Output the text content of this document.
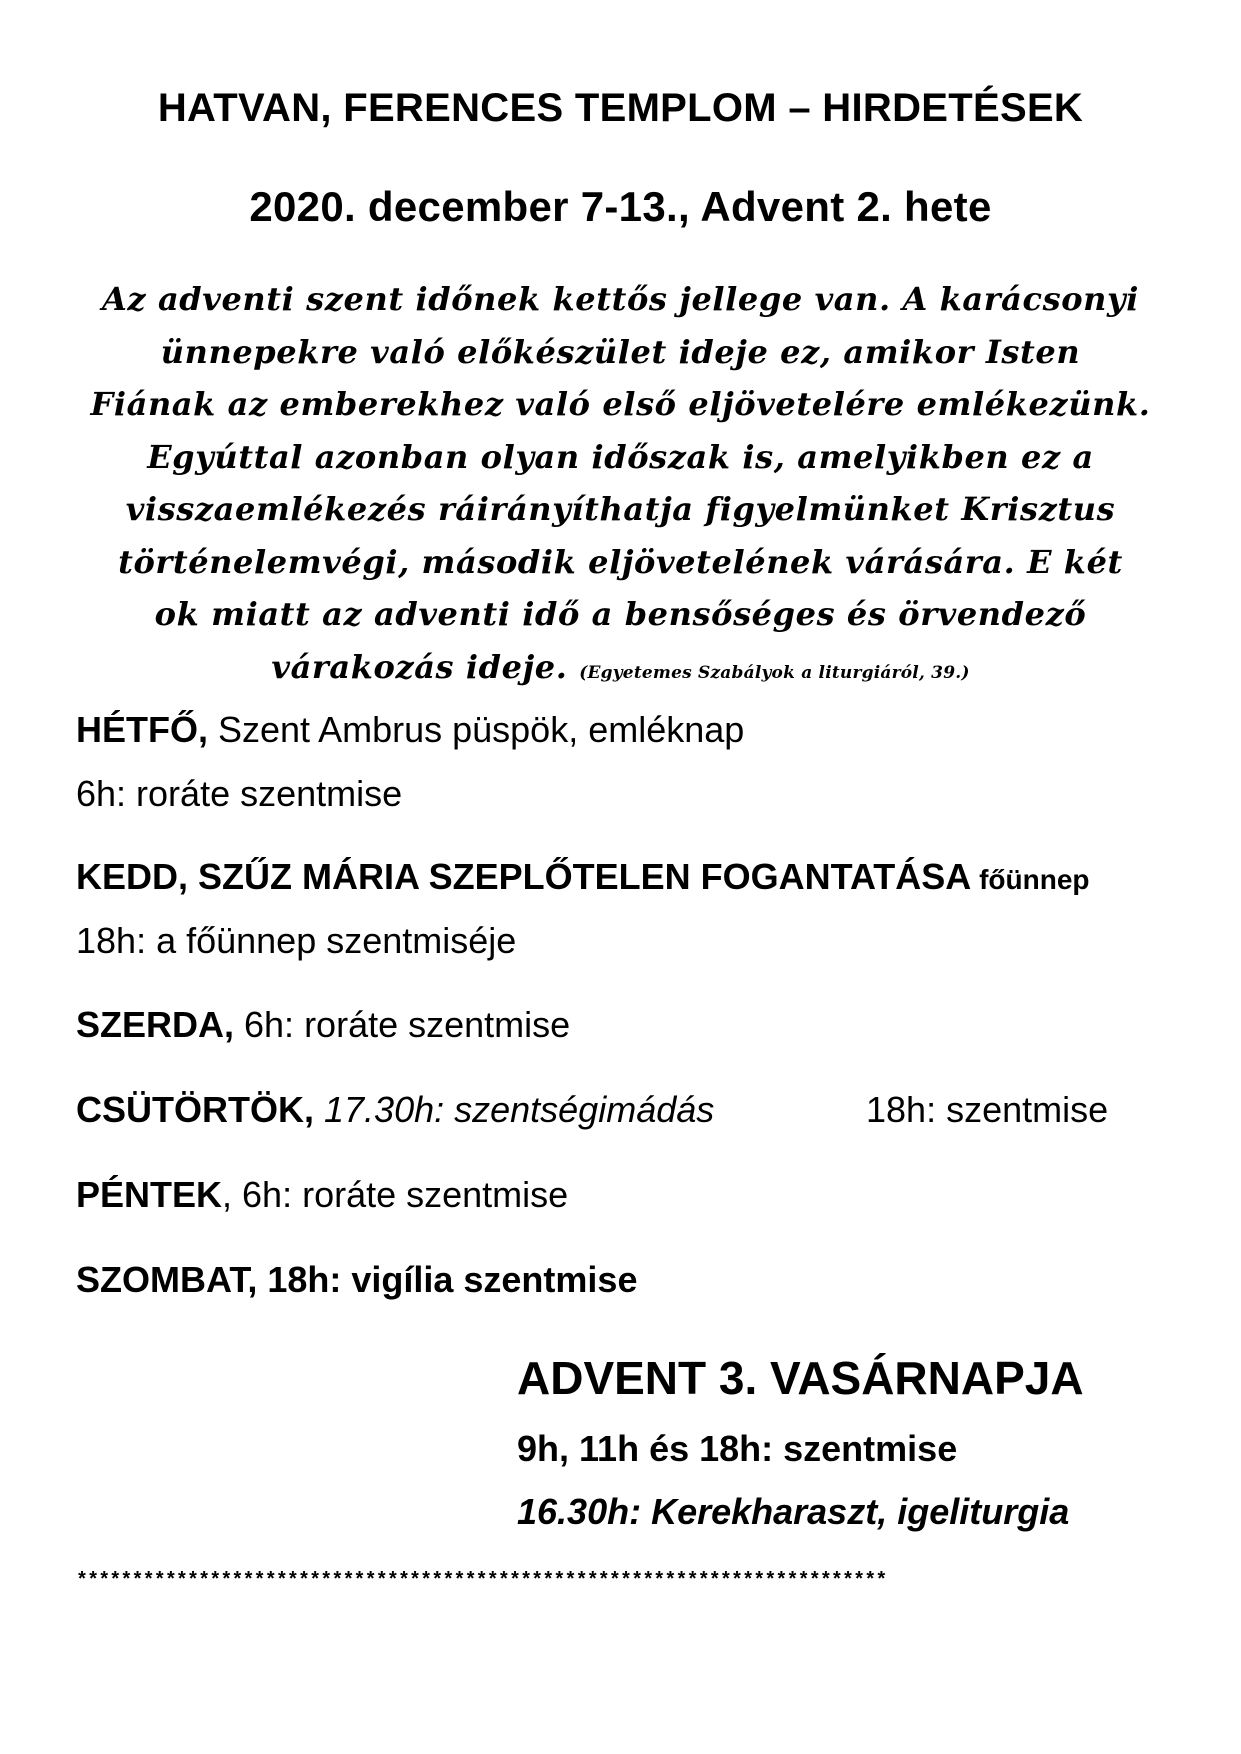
HATVAN, FERENCES TEMPLOM – HIRDETÉSEK
2020. december 7-13., Advent 2. hete
Az adventi szent időnek kettős jellege van. A karácsonyi
ünnepekre való előkészület ideje ez, amikor Isten
Fiának az emberekhez való első eljövetelére emlékezünk.
Egyúttal azonban olyan időszak is, amelyikben ez a
visszaemlékezés ráirányíthatja figyelmünket Krisztus
történelemvégi, második eljövetelének várására. E két
ok miatt az adventi idő a bensőséges és örvendező
várakozás ideje. (Egyetemes Szabályok a liturgiáról, 39.)
HÉTFŐ, Szent Ambrus püspök, emléknap
6h: roráte szentmise
KEDD, SZŰZ MÁRIA SZEPLŐTELEN FOGANTATÁSA főünnep
18h: a főünnep szentmiséje
SZERDA, 6h: roráte szentmise
CSÜTÖRTÖK, 17.30h: szentségimádás	18h: szentmise
PÉNTEK, 6h: roráte szentmise
SZOMBAT, 18h: vigília szentmise
ADVENT 3. VASÁRNAPJA
9h, 11h és 18h: szentmise
16.30h: Kerekharaszt, igeliturgia
*************************************************************************
